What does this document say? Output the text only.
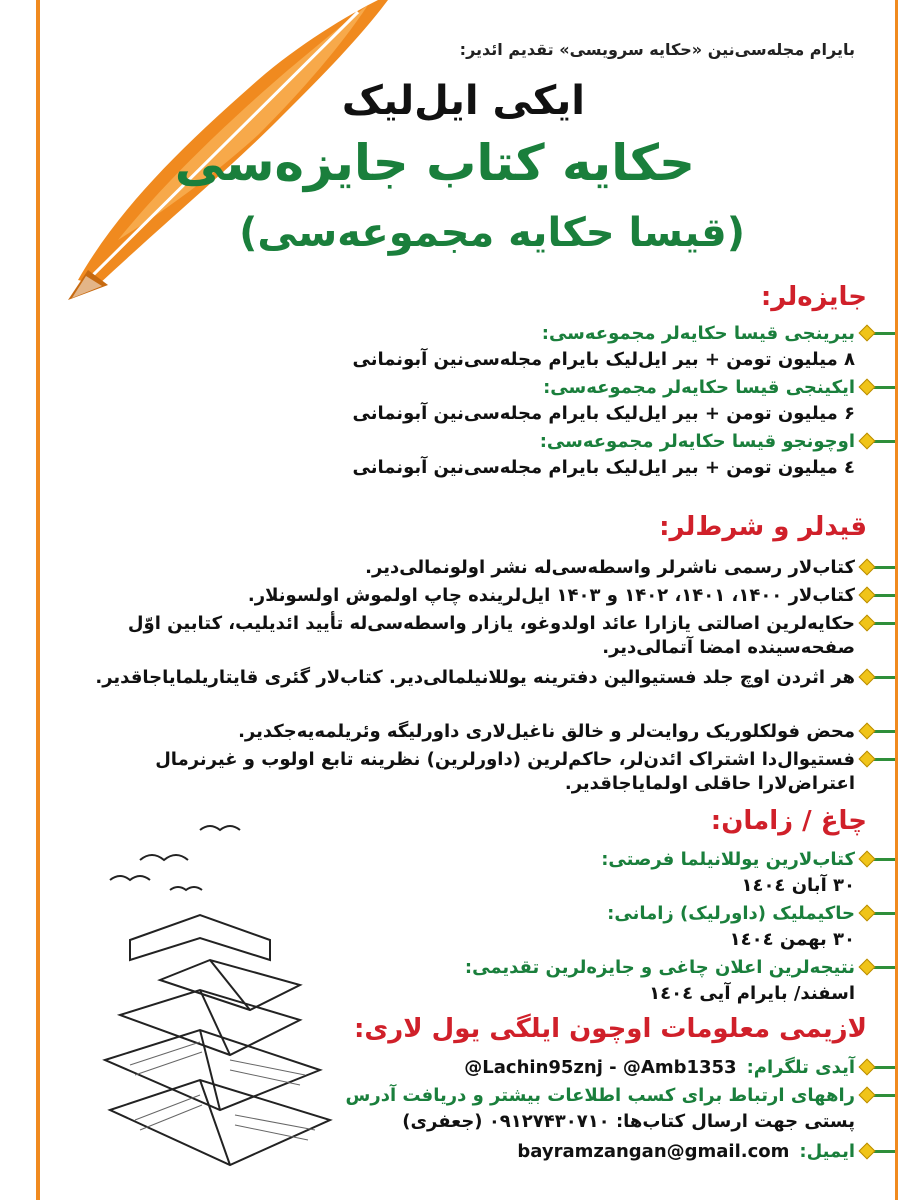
بایرام مجله‌سی‌نین «حکایه سرویسی» تقدیم ائدیر:
ایکی ایل‌لیک
حکایه کتاب جایزه‌سی
(قیسا حکایه مجموعه‌سی)
جایزه‌لر:
بیرینجی قیسا حکایه‌لر مجموعه‌سی:
۸ میلیون تومن + بیر ایل‌لیک بایرام مجله‌سی‌نین آبونمانی
ایکینجی قیسا حکایه‌لر مجموعه‌سی:
۶ میلیون تومن + بیر ایل‌لیک بایرام مجله‌سی‌نین آبونمانی
اوچونجو قیسا حکایه‌لر مجموعه‌سی:
٤ میلیون تومن + بیر ایل‌لیک بایرام مجله‌سی‌نین آبونمانی
قیدلر و شرط‌لر:
کتاب‌لار رسمی ناشرلر واسطه‌سی‌له نشر اولونمالی‌دیر.
کتاب‌لار ۱۴۰۰، ۱۴۰۱، ۱۴۰۲ و ۱۴۰۳ ایل‌لریندە چاپ اولموش اولسونلار.
حکایه‌لرین اصالتی یازارا عائد اولدوغو، یازار واسطه‌سی‌له تأیید ائدیلیب، کتابین اوّل صفحه‌سینده امضا آتمالی‌دیر.
هر اثردن اوچ جلد فستیوالین دفترینه یوللانیلمالی‌دیر. کتاب‌لار گئری قایتاریلمایاجاقدیر.
محض فولکلوریک روایت‌لر و خالق ناغیل‌لاری داورلیگه وئریلمه‌یه‌جکدیر.
فستیوال‌دا اشتراک ائدن‌لر، حاکم‌لرین (داورلرین) نظرینه تابع اولوب و غیرنرمال اعتراض‌لارا حاقلی اولمایاجاقدیر.
چاغ / زامان:
کتاب‌لارین یوللانیلما فرصتی:
۳۰ آبان ۱٤٠٤
حاکیملیک (داورلیک) زامانی:
۳۰ بهمن ۱٤٠٤
نتیجه‌لرین اعلان چاغی و جایزه‌لرین تقدیمی:
اسفند/ بایرام آیی ۱٤٠٤
لازیمی معلومات اوچون ایلگی یول لاری:
آیدی تلگرام:
@Lachin95znj - @Amb1353
راههای ارتباط برای کسب اطلاعات بیشتر و دریافت آدرس
پستی جهت ارسال کتاب‌ها: ۰۹۱۲۷۴۳۰۷۱۰ (جعفری)
ایمیل:
bayramzangan@gmail.com
